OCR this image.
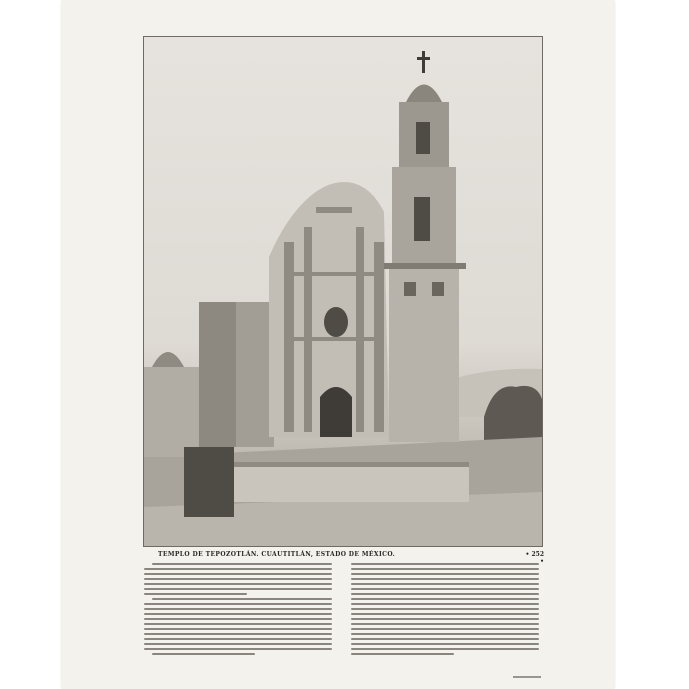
TEMPLO DE TEPOZOTLÁN. CUAUTITLÁN, ESTADO DE MÉXICO.	• 252 •
